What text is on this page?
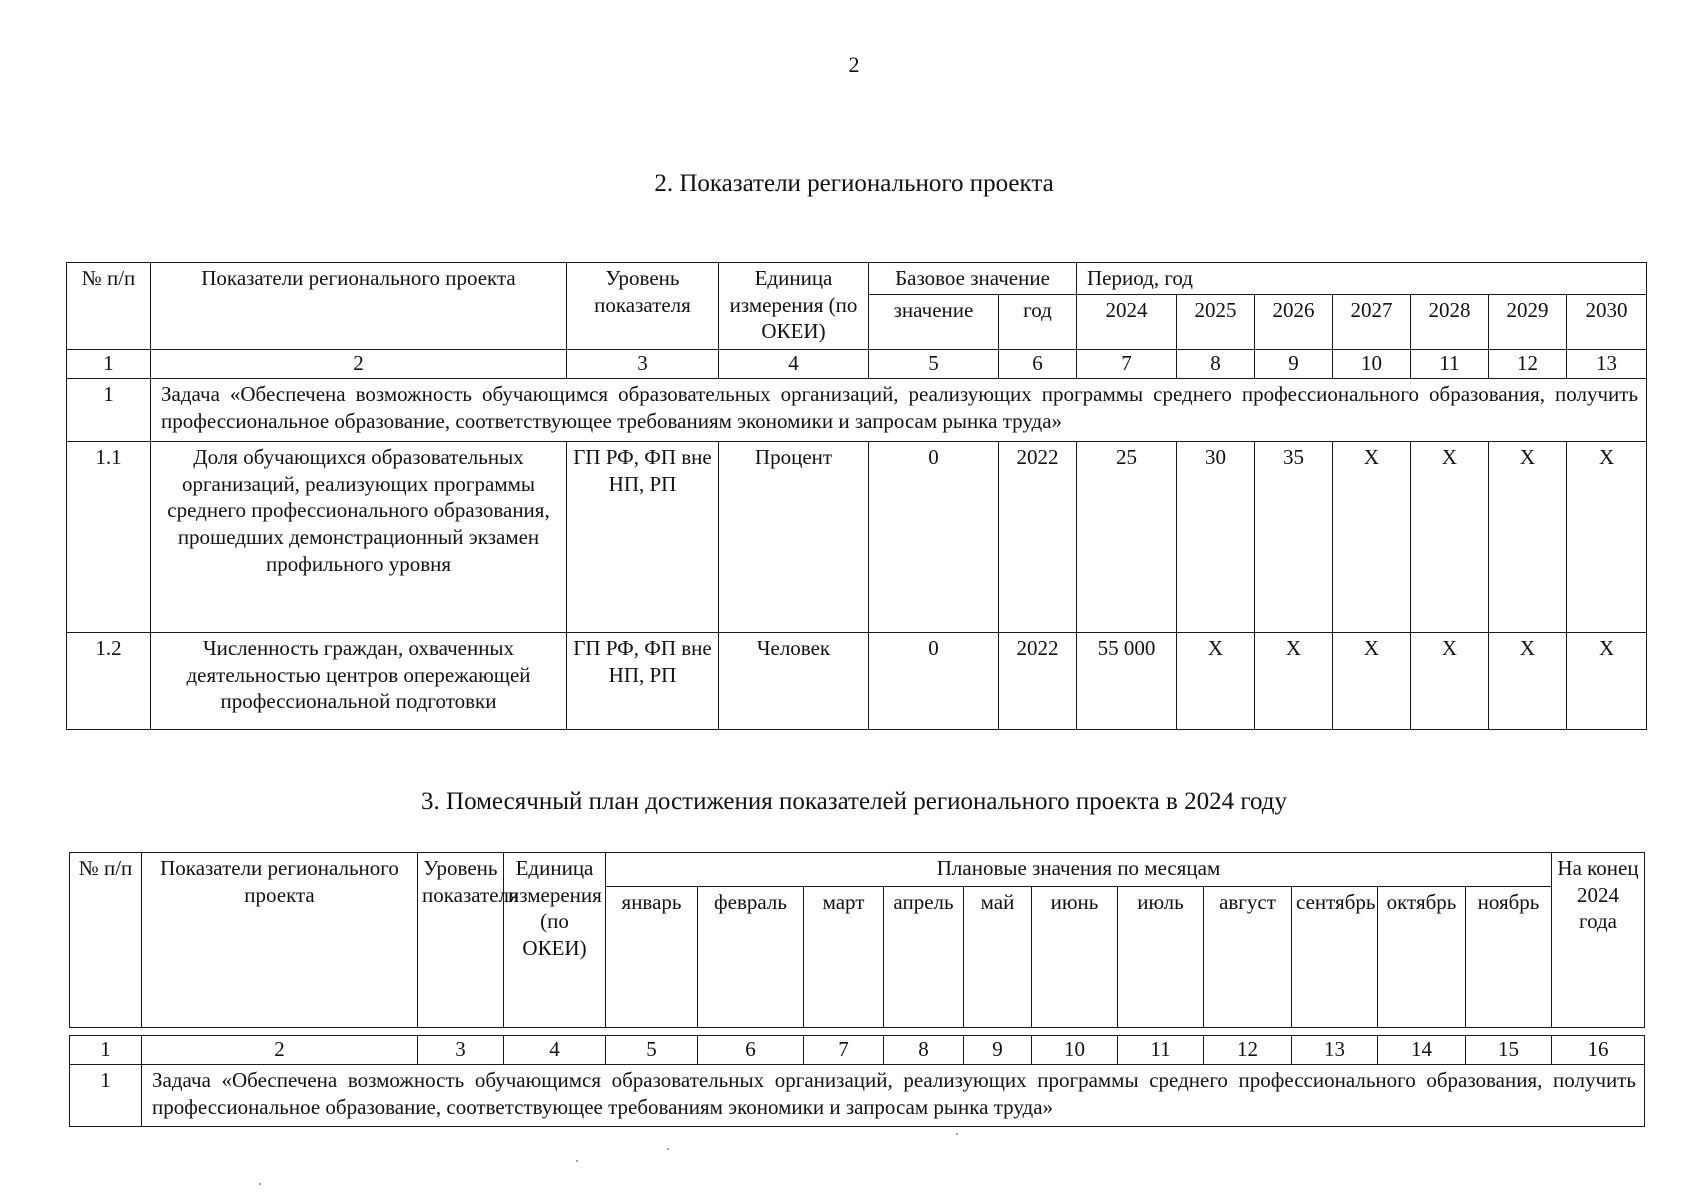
2
2. Показатели регионального проекта
№ п/п	Показатели регионального проекта	Уровень показателя	Единица измерения (по ОКЕИ)	Базовое значение		Период, год						
				значение	год	2024	2025	2026	2027	2028	2029	2030
1	2	3	4	5	6	7	8	9	10	11	12	13
1	Задача «Обеспечена возможность обучающимся образовательных организаций, реализующих программы среднего профессионального образования, получить профессиональное образование, соответствующее требованиям экономики и запросам рынка труда»											
1.1	Доля обучающихся образовательных организаций, реализующих программы среднего профессионального образования, прошедших демонстрационный экзамен профильного уровня	ГП РФ, ФП вне НП, РП	Процент	0	2022	25	30	35	X	X	X	X
1.2	Численность граждан, охваченных деятельностью центров опережающей профессиональной подготовки	ГП РФ, ФП вне НП, РП	Человек	0	2022	55 000	X	X	X	X	X	X
3. Помесячный план достижения показателей регионального проекта в 2024 году
№ п/п	Показатели регионального проекта	Уровень показателя	Единица измерения (по ОКЕИ)	Плановые значения по месяцам											На конец 2024 года
				январь	февраль	март	апрель	май	июнь	июль	август	сентябрь	октябрь	ноябрь	
1	2	3	4	5	6	7	8	9	10	11	12	13	14	15	16
1	Задача «Обеспечена возможность обучающимся образовательных организаций, реализующих программы среднего профессионального образования, получить профессиональное образование, соответствующее требованиям экономики и запросам рынка труда»														
